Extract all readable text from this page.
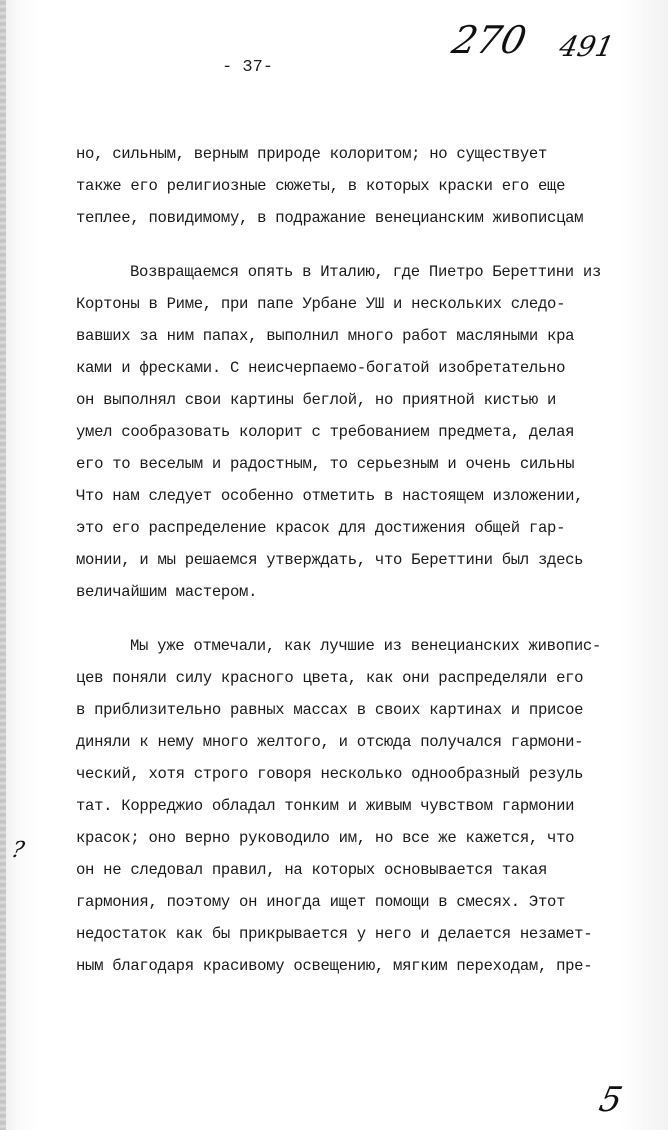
- 37-
270 491
?
5
но, сильным, верным природе колоритом; но существует
также его религиозные сюжеты, в которых краски его еще
теплее, повидимому, в подражание венецианским живописцам
Возвращаемся опять в Италию, где Пиетро Береттини из
Кортоны в Риме, при папе Урбане УШ и нескольких следо-
вавших за ним папах, выполнил много работ масляными кра
ками и фресками. С неисчерпаемо-богатой изобретательно
он выполнял свои картины беглой, но приятной кистью и
умел сообразовать колорит с требованием предмета, делая
его то веселым и радостным, то серьезным и очень сильны
Что нам следует особенно отметить в настоящем изложении,
это его распределение красок для достижения общей гар-
монии, и мы решаемся утверждать, что Береттини был здесь
величайшим мастером.
Мы уже отмечали, как лучшие из венецианских живопис-
цев поняли силу красного цвета, как они распределяли его
в приблизительно равных массах в своих картинах и присое
диняли к нему много желтого, и отсюда получался гармони-
ческий, хотя строго говоря несколько однообразный резуль
тат. Корреджио обладал тонким и живым чувством гармонии
красок; оно верно руководило им, но все же кажется, что
он не следовал правил, на которых основывается такая
гармония, поэтому он иногда ищет помощи в смесях. Этот
недостаток как бы прикрывается у него и делается незамет-
ным благодаря красивому освещению, мягким переходам, пре-
